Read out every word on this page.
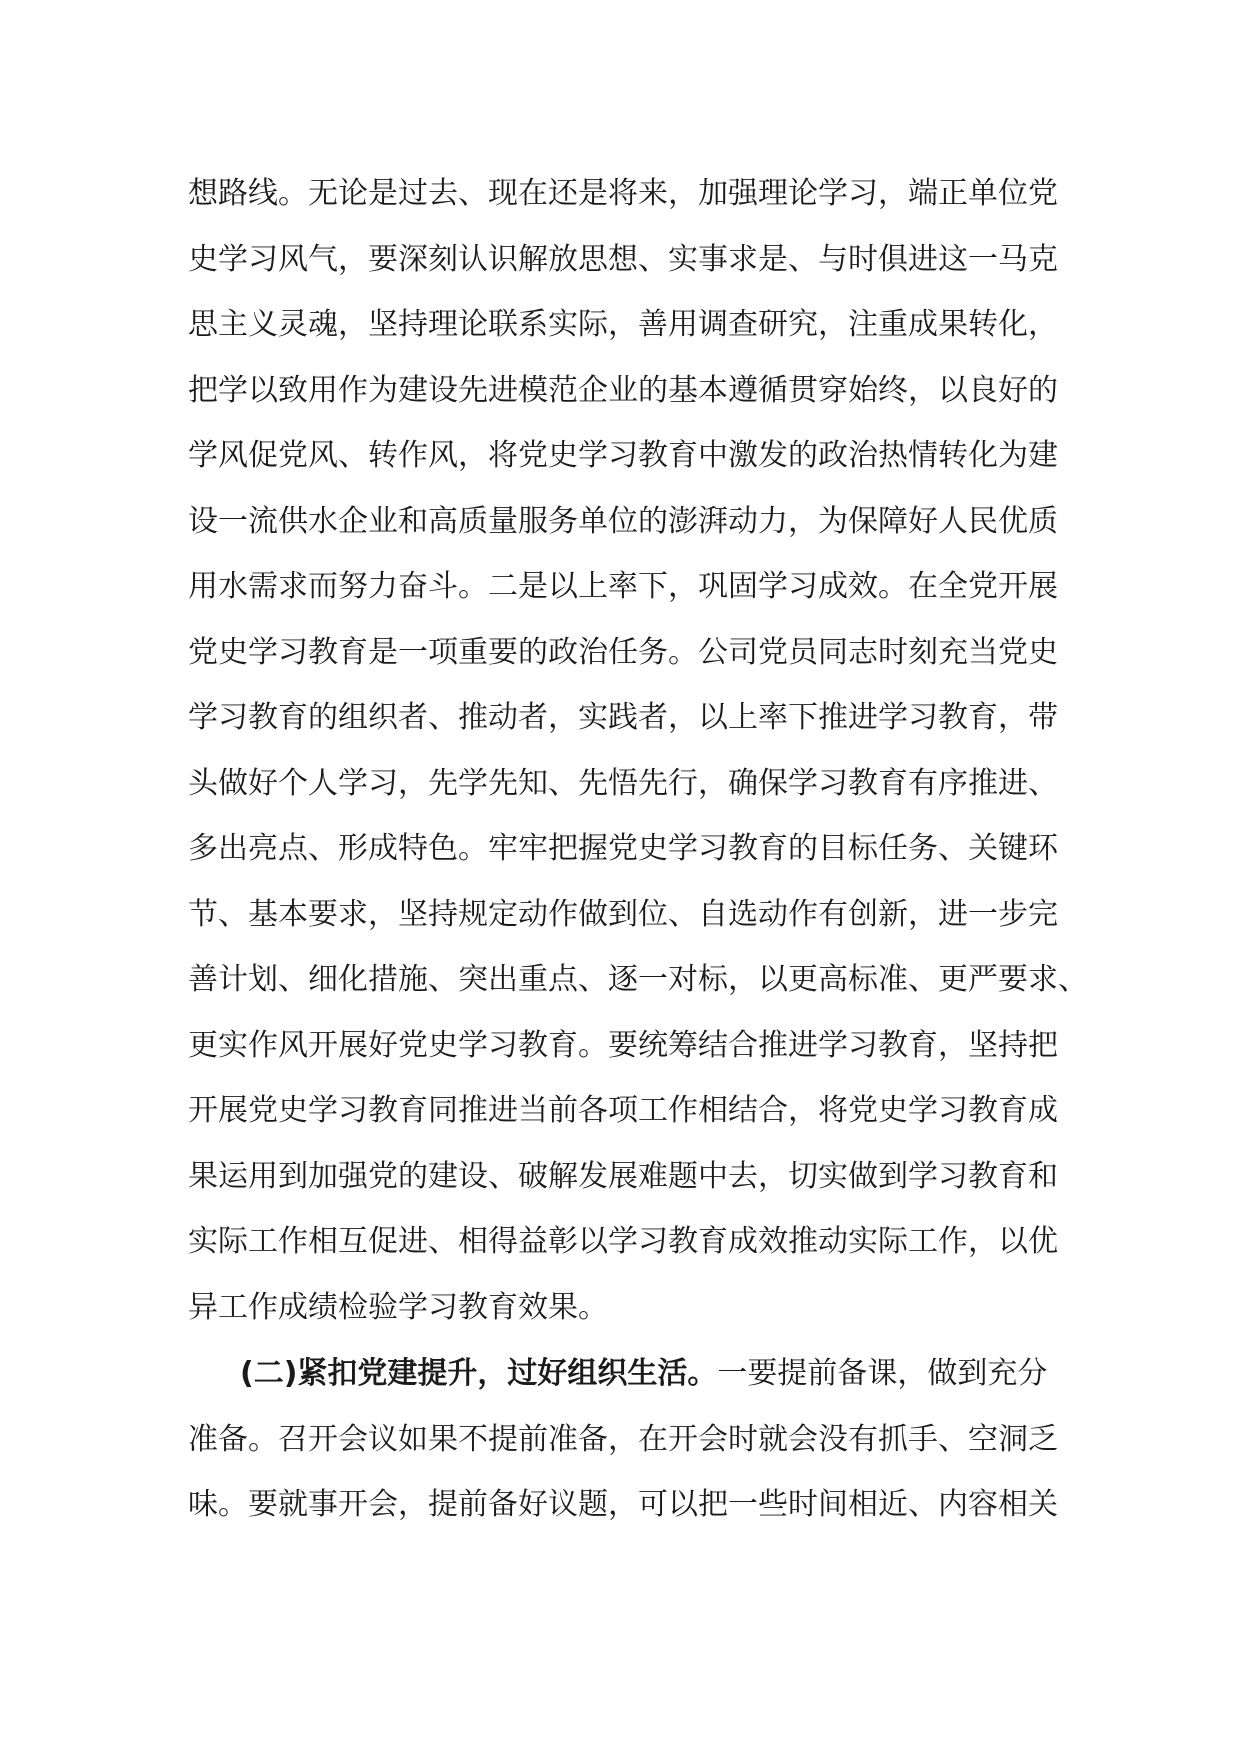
想路线。无论是过去、现在还是将来，加强理论学习，端正单位党
史学习风气，要深刻认识解放思想、实事求是、与时俱进这一马克
思主义灵魂，坚持理论联系实际，善用调查研究，注重成果转化，
把学以致用作为建设先进模范企业的基本遵循贯穿始终，以良好的
学风促党风、转作风，将党史学习教育中激发的政治热情转化为建
设一流供水企业和高质量服务单位的澎湃动力，为保障好人民优质
用水需求而努力奋斗。二是以上率下，巩固学习成效。在全党开展
党史学习教育是一项重要的政治任务。公司党员同志时刻充当党史
学习教育的组织者、推动者，实践者，以上率下推进学习教育，带
头做好个人学习，先学先知、先悟先行，确保学习教育有序推进、
多出亮点、形成特色。牢牢把握党史学习教育的目标任务、关键环
节、基本要求，坚持规定动作做到位、自选动作有创新，进一步完
善计划、细化措施、突出重点、逐一对标，以更高标准、更严要求、
更实作风开展好党史学习教育。要统筹结合推进学习教育，坚持把
开展党史学习教育同推进当前各项工作相结合，将党史学习教育成
果运用到加强党的建设、破解发展难题中去，切实做到学习教育和
实际工作相互促进、相得益彰以学习教育成效推动实际工作，以优
异工作成绩检验学习教育效果。
(二)紧扣党建提升，过好组织生活。一要提前备课，做到充分
准备。召开会议如果不提前准备，在开会时就会没有抓手、空洞乏
味。要就事开会，提前备好议题，可以把一些时间相近、内容相关
